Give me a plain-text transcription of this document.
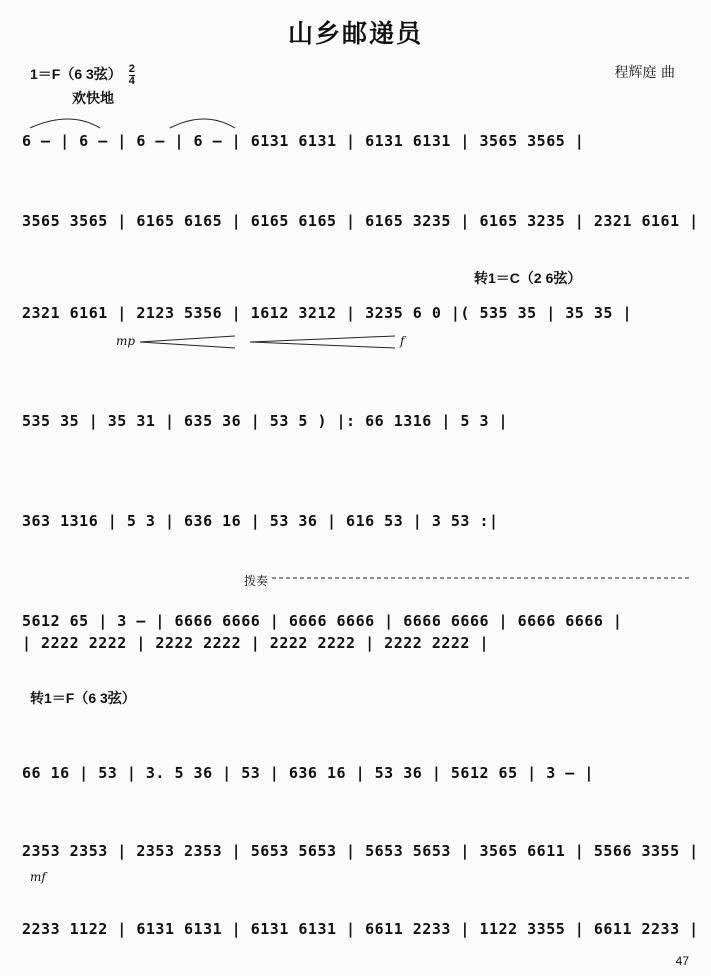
山乡邮递员
程辉庭 曲
1＝F（6 3弦） $\frac{2}{4}$
欢快地
6 – | 6 – | 6 – | 6 – | 6131 6131 | 6131 6131 | 3565 3565 |
3565 3565 | 6165 6165 | 6165 6165 | 6165 3235 | 6165 3235 | 2321 6161 |
转1＝C（2 6弦）
2321 6161 | 2123 5356 | 1612 3212 | 3235 6 0 |( 535 35 | 35 35 |
mp	f
535 35 | 35 31 | 635 36 | 53 5 ) |: 66 1316 | 5 3 |
363 1316 | 5 3 | 636 16 | 53 36 | 616 53 | 3 53 :|
拨奏
5612 65 | 3 – | 6666 6666 | 6666 6666 | 6666 6666 | 6666 6666 |
| 2222 2222 | 2222 2222 | 2222 2222 | 2222 2222 |
转1＝F（6 3弦）
66 16 | 53 | 3. 5 36 | 53 | 636 16 | 53 36 | 5612 65 | 3 – |
2353 2353 | 2353 2353 | 5653 5653 | 5653 5653 | 3565 6611 | 5566 3355 |
mf
2233 1122 | 6131 6131 | 6131 6131 | 6611 2233 | 1122 3355 | 6611 2233 |
47
